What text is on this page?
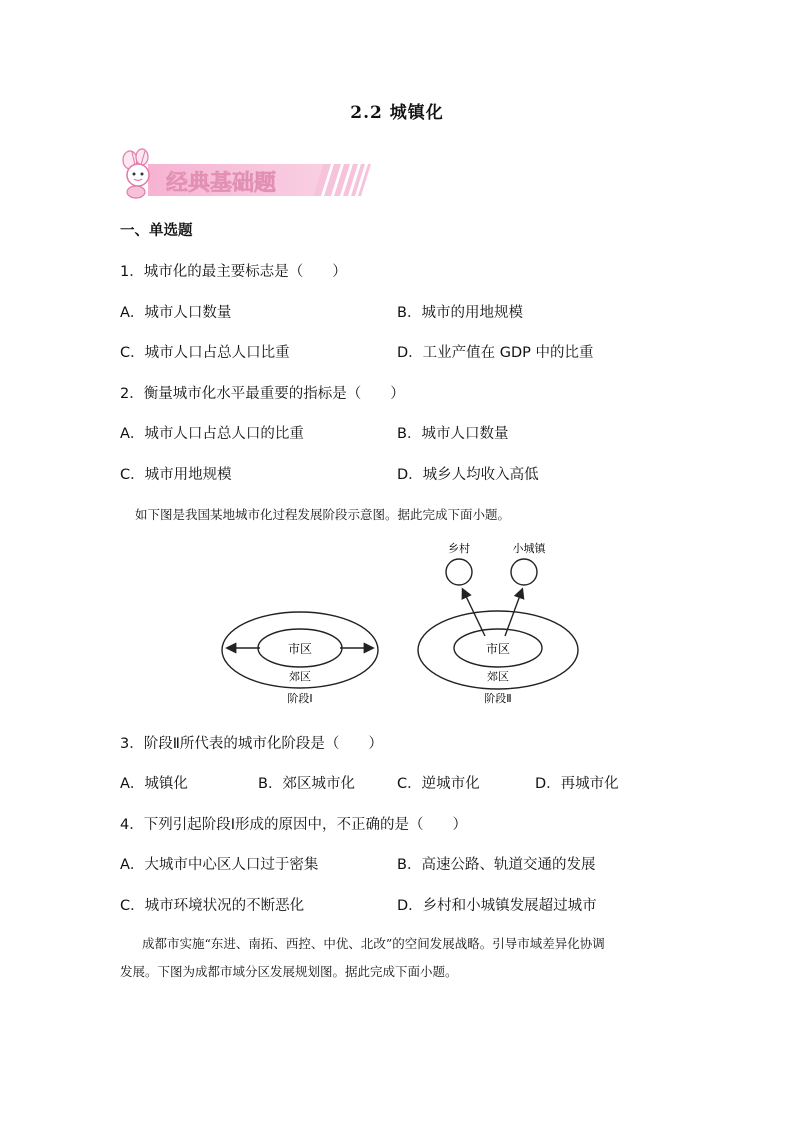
2.2 城镇化
经典基础题
一、单选题
1．城市化的最主要标志是（　　）
A．城市人口数量	B．城市的用地规模
C．城市人口占总人口比重	D．工业产值在 GDP 中的比重
2．衡量城市化水平最重要的指标是（　　）
A．城市人口占总人口的比重	B．城市人口数量
C．城市用地规模	D．城乡人均收入高低
如下图是我国某地城市化过程发展阶段示意图。据此完成下面小题。
市区
郊区
阶段Ⅰ
乡村	小城镇
市区
郊区
阶段Ⅱ
3．阶段Ⅱ所代表的城市化阶段是（　　）
A．城镇化	B．郊区城市化	C．逆城市化	D．再城市化
4．下列引起阶段Ⅰ形成的原因中，不正确的是（　　）
A．大城市中心区人口过于密集	B．高速公路、轨道交通的发展
C．城市环境状况的不断恶化	D．乡村和小城镇发展超过城市
成都市实施“东进、南拓、西控、中优、北改”的空间发展战略。引导市域差异化协调
发展。下图为成都市域分区发展规划图。据此完成下面小题。
